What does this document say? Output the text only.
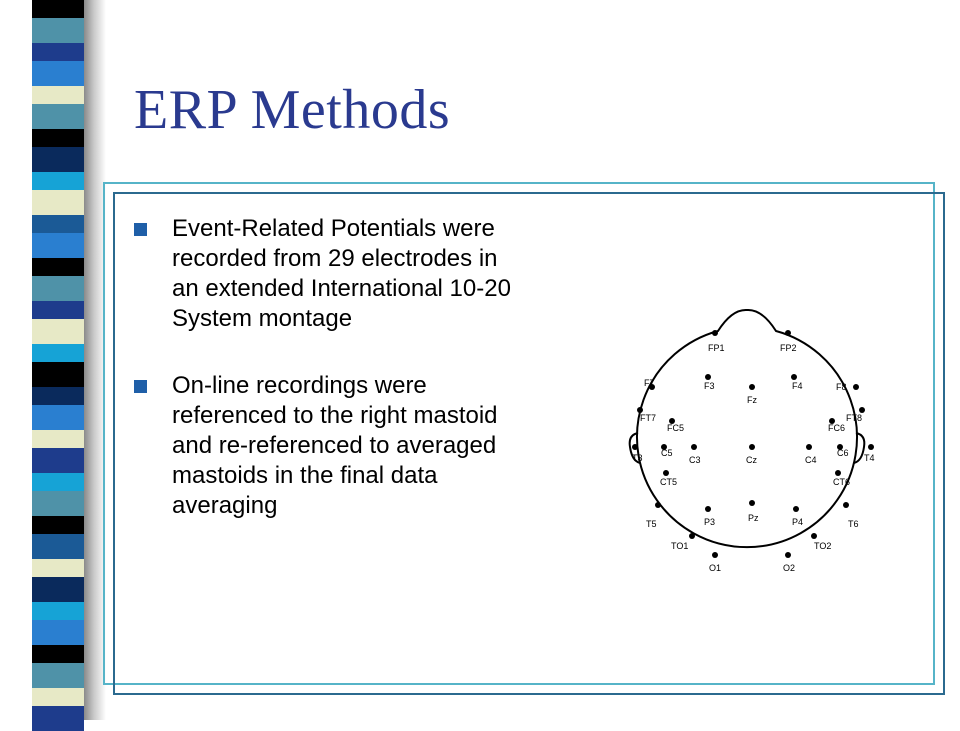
ERP Methods
Event-Related Potentials were recorded from 29 electrodes in an extended International 10-20 System montage
On-line recordings were referenced to the right mastoid and re-referenced to averaged mastoids in the final data averaging
FP1	FP2
F7	F3
Fz
F4	F8
FT7
FC5	FC6
FT8
T3 C5
C3	Cz	C4
C6 T4
CT5	CT6
T5	P3	Pz	P4	T6
TO1	TO2
O1	O2
